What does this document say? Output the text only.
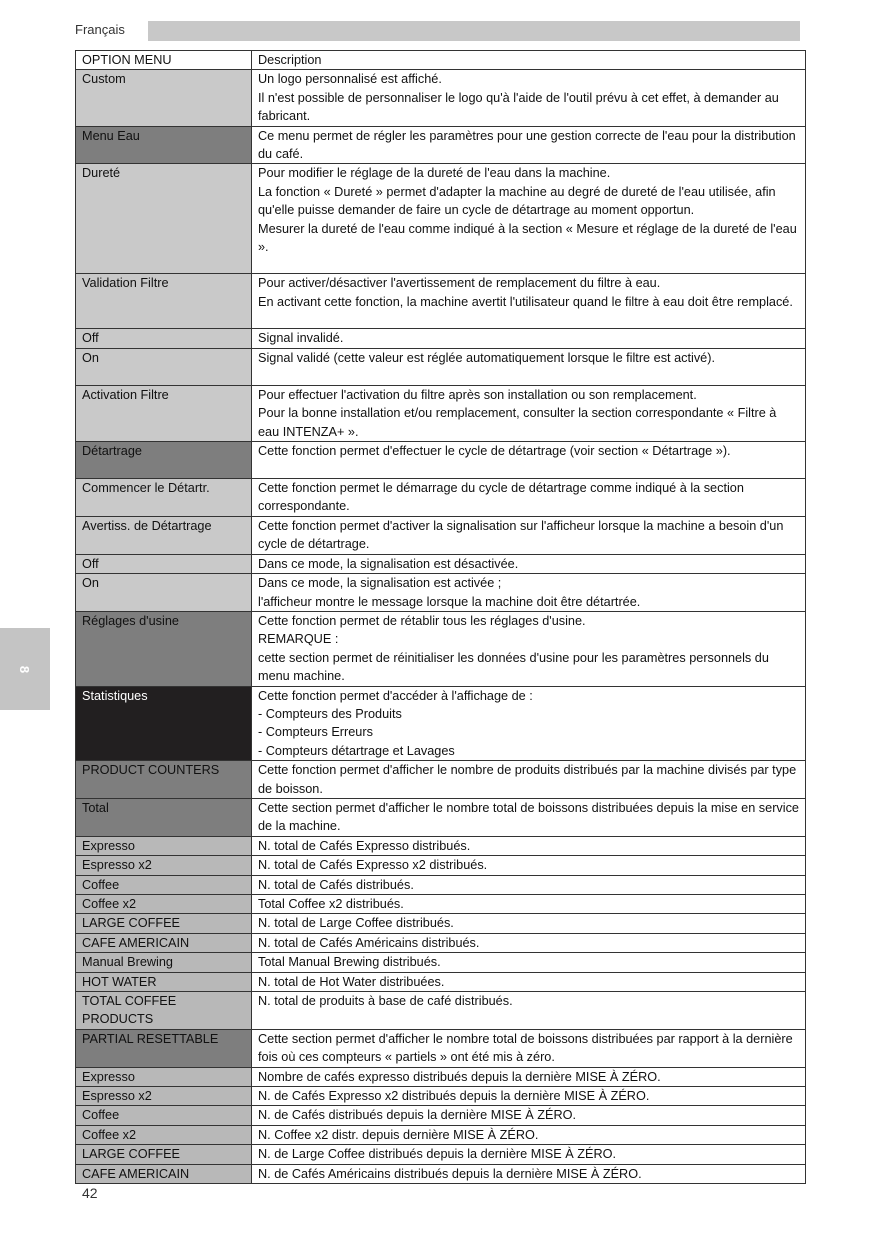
Français
8
OPTION MENU	Description
Custom	Un logo personnalisé est affiché.
Il n'est possible de personnaliser le logo qu'à l'aide de l'outil prévu à cet effet, à demander au fabricant.

Menu Eau	Ce menu permet de régler les paramètres pour une gestion correcte de l'eau pour la distribution du café.

Dureté	Pour modifier le réglage de la dureté de l'eau dans la machine.
La fonction « Dureté » permet d'adapter la machine au degré de dureté de l'eau utilisée, afin qu'elle puisse demander de faire un cycle de détartrage au moment opportun.
Mesurer la dureté de l'eau comme indiqué à la section « Mesure et réglage de la dureté de l'eau ».

Validation Filtre	Pour activer/désactiver l'avertissement de remplacement du filtre à eau.
En activant cette fonction, la machine avertit l'utilisateur quand le filtre à eau doit être remplacé.

Off	Signal invalidé.

On	Signal validé (cette valeur est réglée automatiquement lorsque le filtre est activé).

Activation Filtre	Pour effectuer l'activation du filtre après son installation ou son remplacement.
Pour la bonne installation et/ou remplacement, consulter la section correspondante « Filtre à eau INTENZA+ ».

Détartrage	Cette fonction permet d'effectuer le cycle de détartrage (voir section « Détartrage »).

Commencer le Détartr.	Cette fonction permet le démarrage du cycle de détartrage comme indiqué à la section correspondante.

Avertiss. de Détartrage	Cette fonction permet d'activer la signalisation sur l'afficheur lorsque la machine a besoin d'un cycle de détartrage.

Off	Dans ce mode, la signalisation est désactivée.

On	Dans ce mode, la signalisation est activée ;
l'afficheur montre le message lorsque la machine doit être détartrée.

Réglages d'usine	Cette fonction permet de rétablir tous les réglages d'usine.
REMARQUE :
cette section permet de réinitialiser les données d'usine pour les paramètres personnels du menu machine.

Statistiques	Cette fonction permet d'accéder à l'affichage de :
- Compteurs des Produits
- Compteurs Erreurs
- Compteurs détartrage et Lavages

PRODUCT COUNTERS	Cette fonction permet d'afficher le nombre de produits distribués par la machine divisés par type de boisson.

Total	Cette section permet d'afficher le nombre total de boissons distribuées depuis la mise en service de la machine.

Expresso	N. total de Cafés Expresso distribués.

Espresso x2	N. total de Cafés Expresso x2 distribués.

Coffee	N. total de Cafés distribués.

Coffee x2	Total Coffee x2 distribués.

LARGE COFFEE	N. total de Large Coffee distribués.

CAFE AMERICAIN	N. total de Cafés Américains distribués.

Manual Brewing	Total Manual Brewing distribués.

HOT WATER	N. total de Hot Water distribuées.

TOTAL COFFEE PRODUCTS	N. total de produits à base de café distribués.

PARTIAL RESETTABLE	Cette section permet d'afficher le nombre total de boissons distribuées par rapport à la dernière fois où ces compteurs « partiels » ont été mis à zéro.

Expresso	Nombre de cafés expresso distribués depuis la dernière MISE À ZÉRO.

Espresso x2	N. de Cafés Expresso x2 distribués depuis la dernière MISE À ZÉRO.

Coffee	N. de Cafés distribués depuis la dernière MISE À ZÉRO.

Coffee x2	N. Coffee x2 distr. depuis dernière MISE À ZÉRO.

LARGE COFFEE	N. de Large Coffee distribués depuis la dernière MISE À ZÉRO.

CAFE AMERICAIN	N. de Cafés Américains distribués depuis la dernière MISE À ZÉRO.
42
